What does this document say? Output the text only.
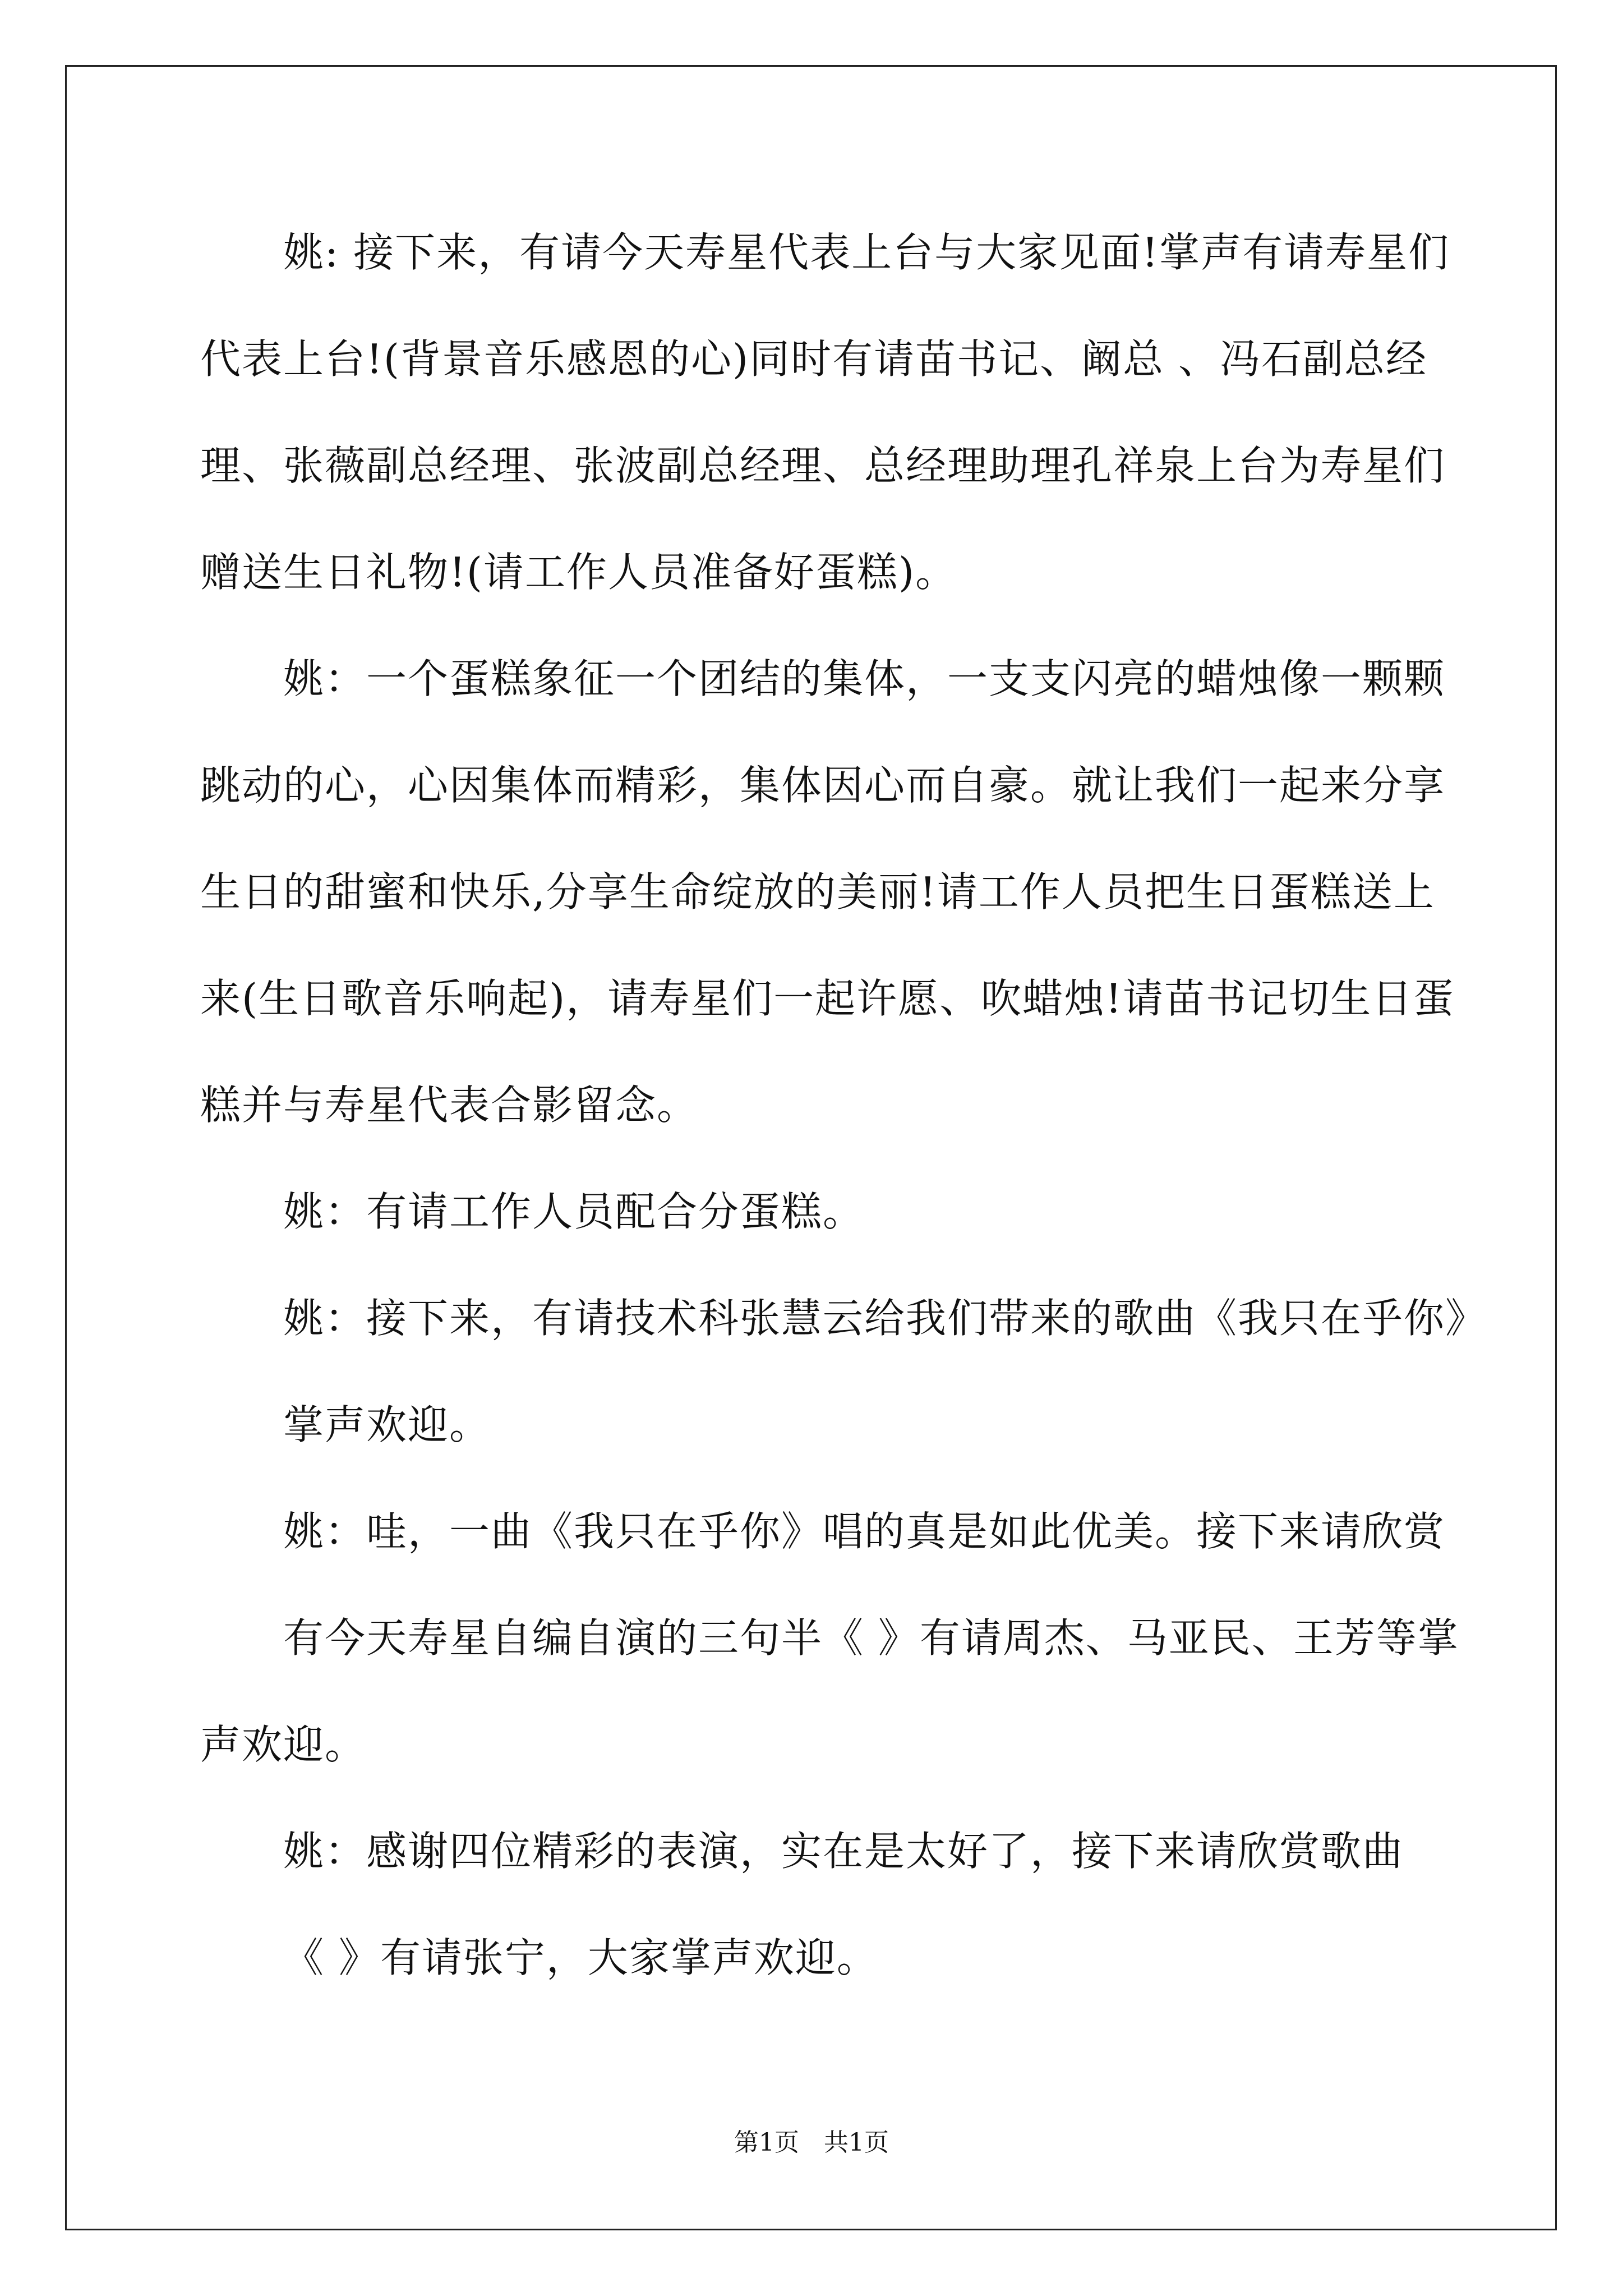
姚: 接下来，有请今天寿星代表上台与大家见面!掌声有请寿星们
代表上台!(背景音乐感恩的心)同时有请苗书记、阚总 、冯石副总经
理、张薇副总经理、张波副总经理、总经理助理孔祥泉上台为寿星们
赠送生日礼物!(请工作人员准备好蛋糕)。
姚：一个蛋糕象征一个团结的集体，一支支闪亮的蜡烛像一颗颗
跳动的心，心因集体而精彩，集体因心而自豪。就让我们一起来分享
生日的甜蜜和快乐,分享生命绽放的美丽!请工作人员把生日蛋糕送上
来(生日歌音乐响起)，请寿星们一起许愿、吹蜡烛!请苗书记切生日蛋
糕并与寿星代表合影留念。
姚：有请工作人员配合分蛋糕。
姚：接下来，有请技术科张慧云给我们带来的歌曲《我只在乎你》
掌声欢迎。
姚：哇，一曲《我只在乎你》唱的真是如此优美。接下来请欣赏
有今天寿星自编自演的三句半《 》有请周杰、马亚民、王芳等掌
声欢迎。
姚：感谢四位精彩的表演，实在是太好了，接下来请欣赏歌曲
《 》有请张宁，大家掌声欢迎。
第1页　共1页
